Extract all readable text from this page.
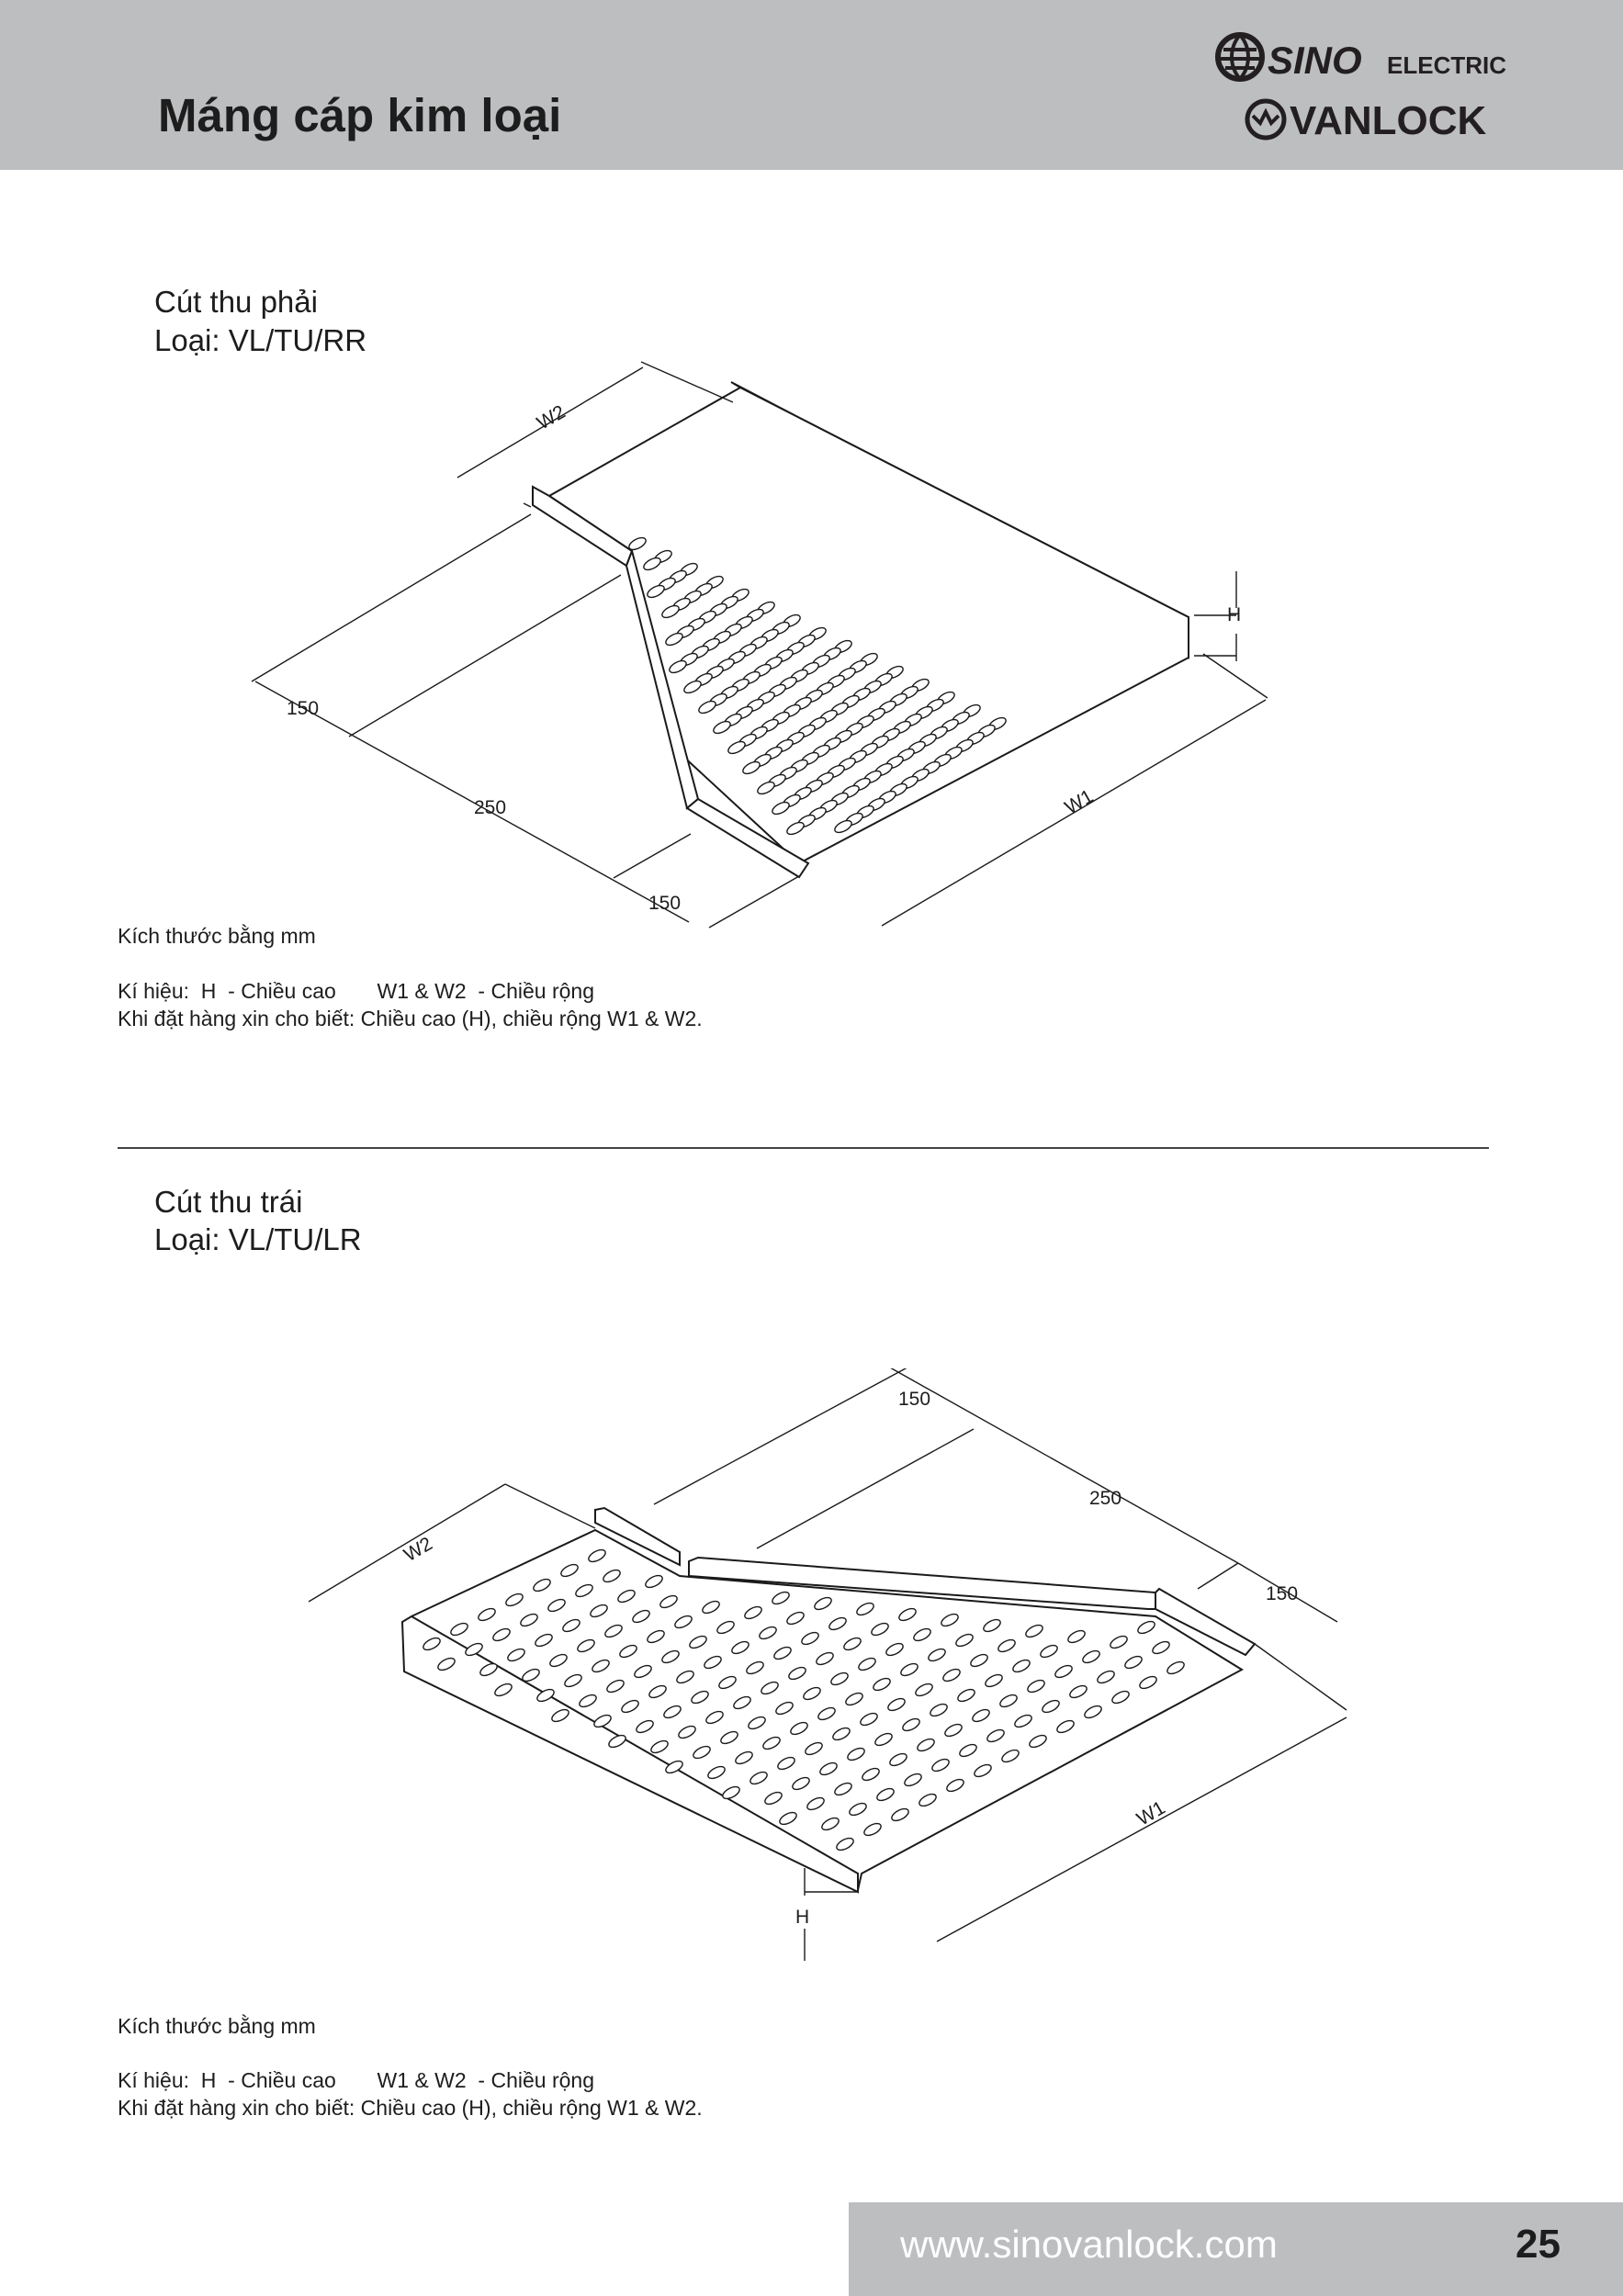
Máng cáp kim loại
SINO ELECTRIC
VANLOCK
Cút thu phải
Loại: VL/TU/RR
W2
H
150
250
150
W1
Kích thước bằng mm
Kí hiệu:  H  - Chiều cao       W1 & W2  - Chiều rộng
Khi đặt hàng xin cho biết: Chiều cao (H), chiều rộng W1 & W2.
Cút thu trái
Loại: VL/TU/LR
150
250
150
W2
W1
H
Kích thước bằng mm
Kí hiệu:  H  - Chiều cao       W1 & W2  - Chiều rộng
Khi đặt hàng xin cho biết: Chiều cao (H), chiều rộng W1 & W2.
www.sinovanlock.com	25
